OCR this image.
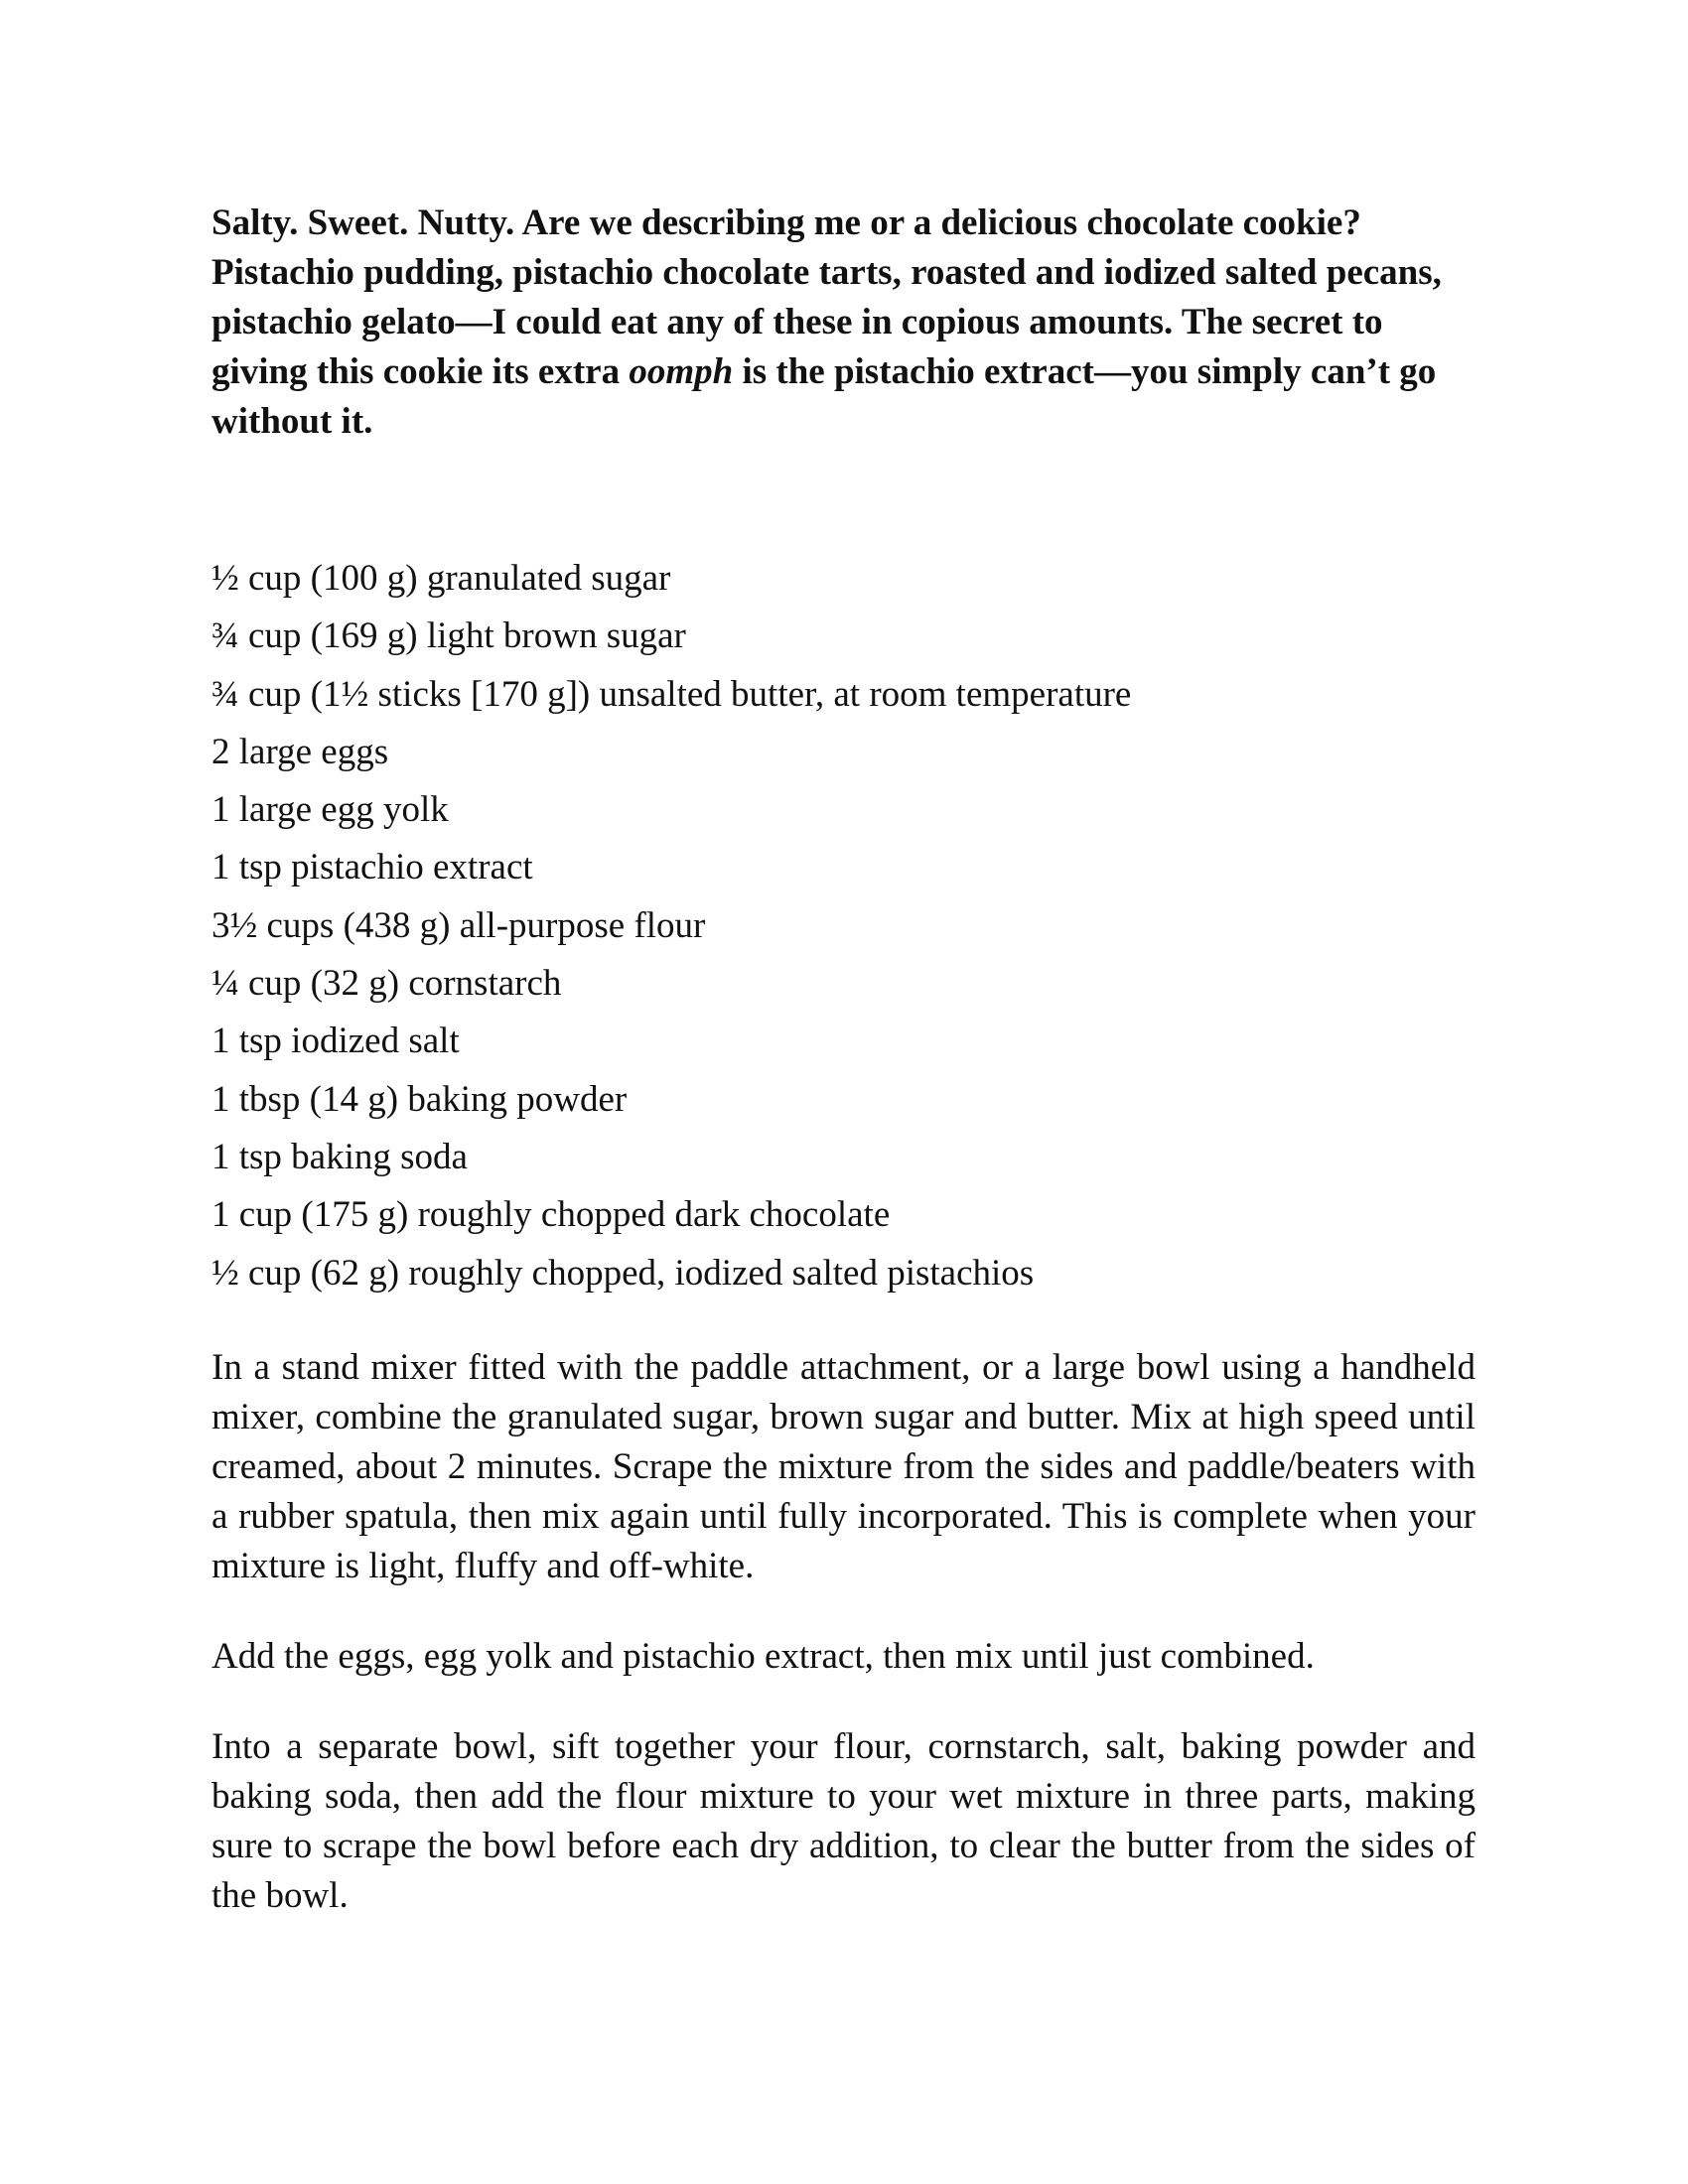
Salty. Sweet. Nutty. Are we describing me or a delicious chocolate cookie? Pistachio pudding, pistachio chocolate tarts, roasted and iodized salted pecans, pistachio gelato—I could eat any of these in copious amounts. The secret to giving this cookie its extra oomph is the pistachio extract—you simply can’t go without it.

½ cup (100 g) granulated sugar
¾ cup (169 g) light brown sugar
¾ cup (1½ sticks [170 g]) unsalted butter, at room temperature
2 large eggs
1 large egg yolk
1 tsp pistachio extract
3½ cups (438 g) all-purpose flour
¼ cup (32 g) cornstarch
1 tsp iodized salt
1 tbsp (14 g) baking powder
1 tsp baking soda
1 cup (175 g) roughly chopped dark chocolate
½ cup (62 g) roughly chopped, iodized salted pistachios

In a stand mixer fitted with the paddle attachment, or a large bowl using a handheld mixer, combine the granulated sugar, brown sugar and butter. Mix at high speed until creamed, about 2 minutes. Scrape the mixture from the sides and paddle/beaters with a rubber spatula, then mix again until fully incorporated. This is complete when your mixture is light, fluffy and off-white.

Add the eggs, egg yolk and pistachio extract, then mix until just combined.

Into a separate bowl, sift together your flour, cornstarch, salt, baking powder and baking soda, then add the flour mixture to your wet mixture in three parts, making sure to scrape the bowl before each dry addition, to clear the butter from the sides of the bowl.
